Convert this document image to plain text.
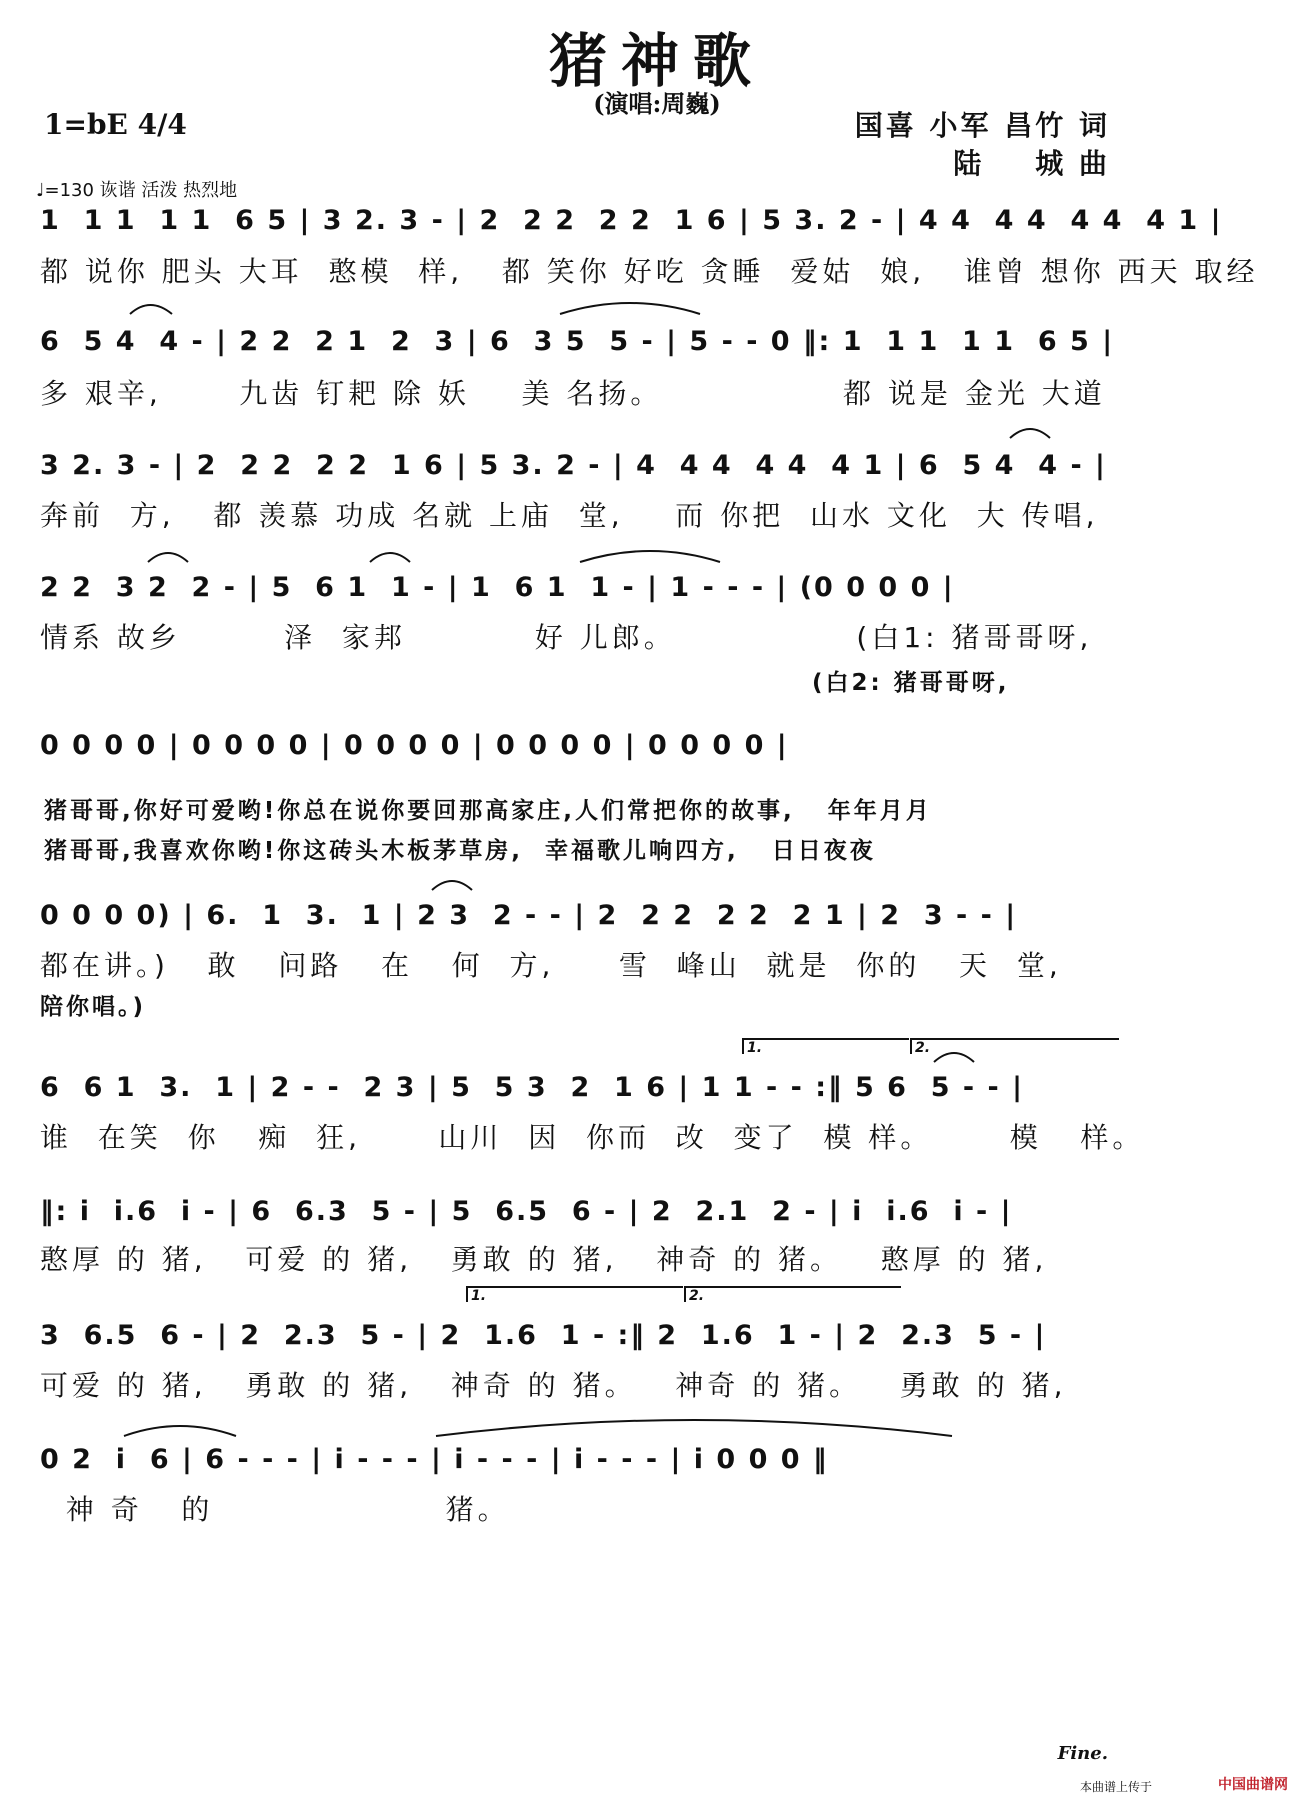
猪神歌
(演唱:周巍)
1=bE 4/4
♩=130 诙谐 活泼 热烈地
国喜 小军 昌竹 词
陆    城 曲
1  1 1  1 1  6 5 | 3 2. 3 - | 2  2 2  2 2  1 6 | 5 3. 2 - | 4 4  4 4  4 4  4 1 |
都 说你 肥头 大耳  憨模  样,   都 笑你 好吃 贪睡  爱姑  娘,   谁曾 想你 西天 取经
6  5 4  4 - | 2 2  2 1  2  3 | 6  3 5  5 - | 5 - - 0 ‖: 1  1 1  1 1  6 5 |
多 艰辛,      九齿 钉耙 除 妖    美 名扬。              都 说是 金光 大道
3 2. 3 - | 2  2 2  2 2  1 6 | 5 3. 2 - | 4  4 4  4 4  4 1 | 6  5 4  4 - |
奔前  方,   都 羡慕 功成 名就 上庙  堂,    而 你把  山水 文化  大 传唱,
2 2  3 2  2 - | 5  6 1  1 - | 1  6 1  1 - | 1 - - - | (0 0 0 0 |
情系 故乡        泽  家邦          好 儿郎。              (白1: 猪哥哥呀,
(白2: 猪哥哥呀,
0 0 0 0 | 0 0 0 0 | 0 0 0 0 | 0 0 0 0 | 0 0 0 0 |
猪哥哥,你好可爱哟!你总在说你要回那高家庄,人们常把你的故事,   年年月月
猪哥哥,我喜欢你哟!你这砖头木板茅草房,  幸福歌儿响四方,   日日夜夜
0 0 0 0) | 6.  1  3.  1 | 2 3  2 - - | 2  2 2  2 2  2 1 | 2  3 - - |
都在讲。)   敢   问路   在   何  方,     雪  峰山  就是  你的   天  堂,
陪你唱。)
1.	2.
6  6 1  3.  1 | 2 - -  2 3 | 5  5 3  2  1 6 | 1 1 - - :‖ 5 6  5 - - |
谁  在笑  你   痴  狂,      山川  因  你而  改  变了  模 样。      模   样。
‖: i  i.6  i - | 6  6.3  5 - | 5  6.5  6 - | 2  2.1  2 - | i  i.6  i - |
憨厚 的 猪,   可爱 的 猪,   勇敢 的 猪,   神奇 的 猪。   憨厚 的 猪,
1.	2.
3  6.5  6 - | 2  2.3  5 - | 2  1.6  1 - :‖ 2  1.6  1 - | 2  2.3  5 - |
可爱 的 猪,   勇敢 的 猪,   神奇 的 猪。   神奇 的 猪。   勇敢 的 猪,
0 2  i  6 | 6 - - - | i - - - | i - - - | i - - - | i 0 0 0 ‖
神 奇   的                  猪。
Fine.
本曲谱上传于	中国曲谱网
